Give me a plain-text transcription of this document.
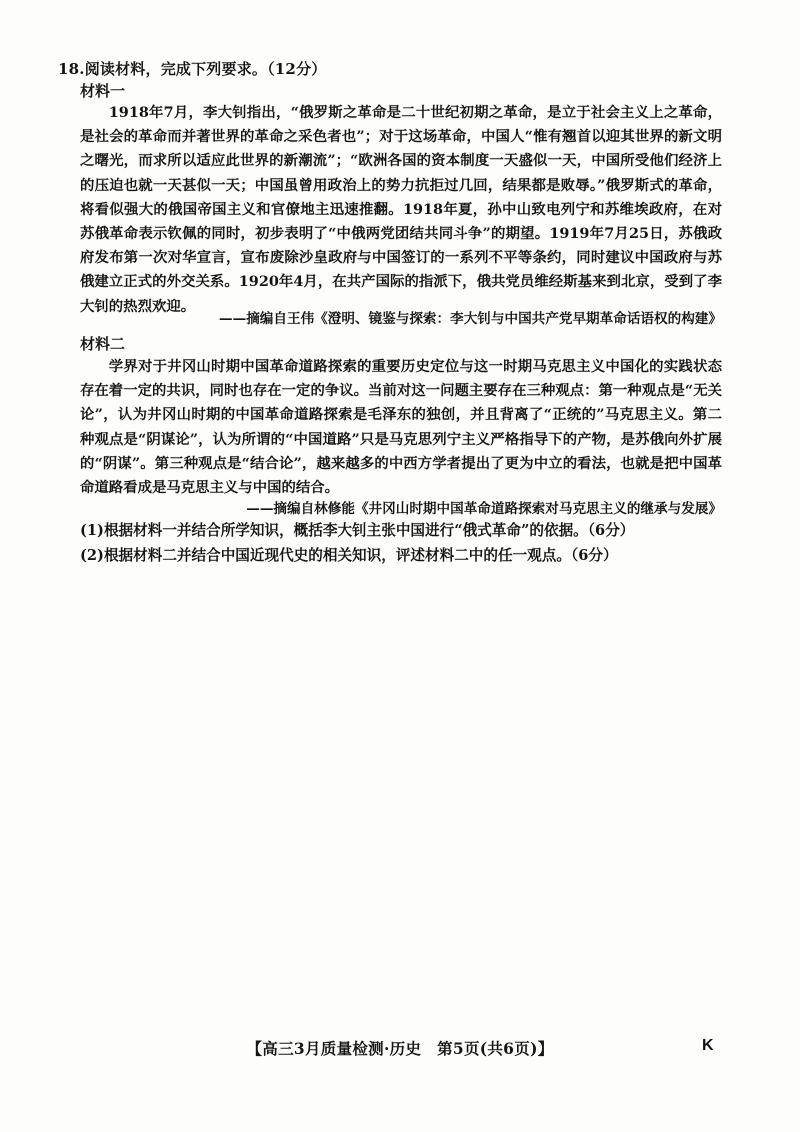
18.阅读材料，完成下列要求。（12分）
材料一

1918年7月，李大钊指出，“俄罗斯之革命是二十世纪初期之革命，是立于社会主义上之革命，是社会的革命而并著世界的革命之采色者也”；对于这场革命，中国人“惟有翘首以迎其世界的新文明之曙光，而求所以适应此世界的新潮流”；“欧洲各国的资本制度一天盛似一天，中国所受他们经济上的压迫也就一天甚似一天；中国虽曾用政治上的势力抗拒过几回，结果都是败辱。”俄罗斯式的革命，将看似强大的俄国帝国主义和官僚地主迅速推翻。1918年夏，孙中山致电列宁和苏维埃政府，在对苏俄革命表示钦佩的同时，初步表明了“中俄两党团结共同斗争”的期望。1919年7月25日，苏俄政府发布第一次对华宣言，宣布废除沙皇政府与中国签订的一系列不平等条约，同时建议中国政府与苏俄建立正式的外交关系。1920年4月，在共产国际的指派下，俄共党员维经斯基来到北京，受到了李大钊的热烈欢迎。

——摘编自王伟《澄明、镜鉴与探索：李大钊与中国共产党早期革命话语权的构建》
材料二

学界对于井冈山时期中国革命道路探索的重要历史定位与这一时期马克思主义中国化的实践状态存在着一定的共识，同时也存在一定的争议。当前对这一问题主要存在三种观点：第一种观点是“无关论”，认为井冈山时期的中国革命道路探索是毛泽东的独创，并且背离了“正统的”马克思主义。第二种观点是“阴谋论”，认为所谓的“中国道路”只是马克思列宁主义严格指导下的产物，是苏俄向外扩展的“阴谋”。第三种观点是“结合论”，越来越多的中西方学者提出了更为中立的看法，也就是把中国革命道路看成是马克思主义与中国的结合。

——摘编自林修能《井冈山时期中国革命道路探索对马克思主义的继承与发展》
(1)根据材料一并结合所学知识，概括李大钊主张中国进行“俄式革命”的依据。（6分）
(2)根据材料二并结合中国近现代史的相关知识，评述材料二中的任一观点。（6分）
【高三3月质量检测·历史　第5页(共6页)】	K
